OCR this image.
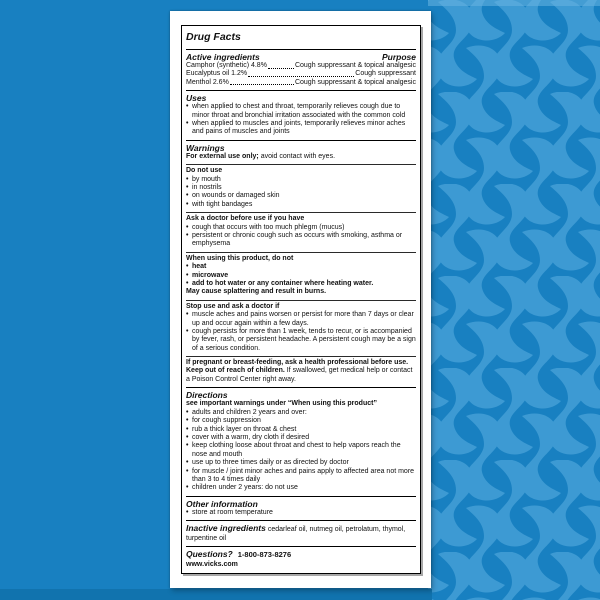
Drug Facts
Active ingredients	Purpose
Camphor (synthetic) 4.8%	Cough suppressant & topical analgesic
Eucalyptus oil 1.2%	Cough suppressant
Menthol 2.6%	Cough suppressant & topical analgesic
Uses
•
when applied to chest and throat, temporarily relieves cough due to minor throat and bronchial irritation associated with the common cold
•
when applied to muscles and joints, temporarily relieves minor aches and pains of muscles and joints
Warnings
For external use only; avoid contact with eyes.
Do not use
•
by mouth
•
in nostrils
•
on wounds or damaged skin
•
with tight bandages
Ask a doctor before use if you have
•
cough that occurs with too much phlegm (mucus)
•
persistent or chronic cough such as occurs with smoking, asthma or emphysema
When using this product, do not
•
heat
•
microwave
•
add to hot water or any container where heating water.
May cause splattering and result in burns.
Stop use and ask a doctor if
•
muscle aches and pains worsen or persist for more than 7 days or clear up and occur again within a few days.
•
cough persists for more than 1 week, tends to recur, or is accompanied by fever, rash, or persistent headache. A persistent cough may be a sign of a serious condition.
If pregnant or breast-feeding, ask a health professional before use. Keep out of reach of children. If swallowed, get medical help or contact a Poison Control Center right away.
Directions
see important warnings under “When using this product”
•
adults and children 2 years and over:
•
for cough suppression
•
rub a thick layer on throat & chest
•
cover with a warm, dry cloth if desired
•
keep clothing loose about throat and chest to help vapors reach the nose and mouth
•
use up to three times daily or as directed by doctor
•
for muscle / joint minor aches and pains apply to affected area not more than 3 to 4 times daily
•
children under 2 years: do not use
Other information
•
store at room temperature
Inactive ingredients cedarleaf oil, nutmeg oil, petrolatum, thymol, turpentine oil
Questions? 1-800-873-8276
www.vicks.com
